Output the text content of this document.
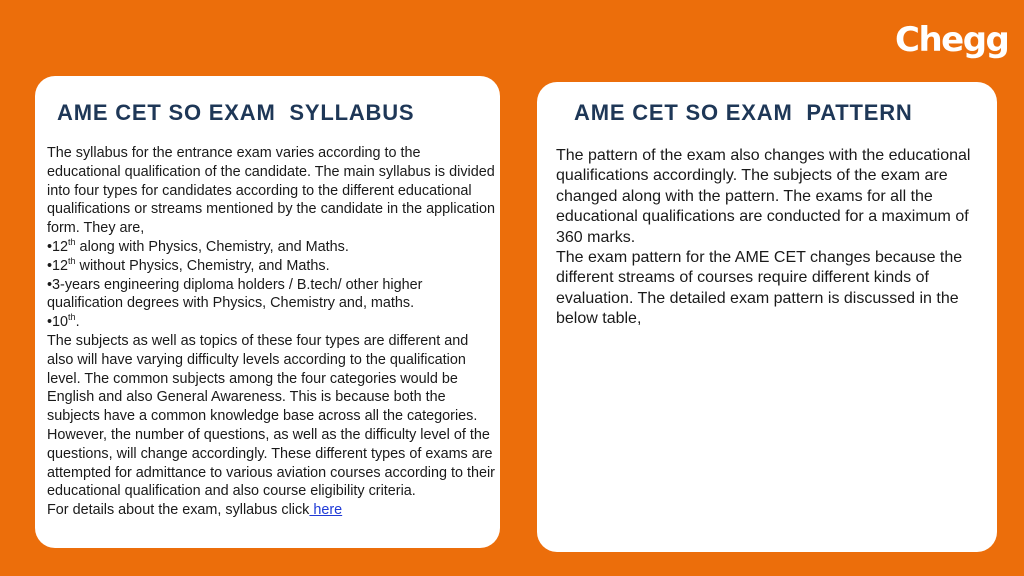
Chegg
AME CET SO EXAM  SYLLABUS

The syllabus for the entrance exam varies according to the educational qualification of the candidate. The main syllabus is divided into four types for candidates according to the different educational qualifications or streams mentioned by the candidate in the application form. They are,

•12th along with Physics, Chemistry, and Maths.

•12th without Physics, Chemistry, and Maths.

•3-years engineering diploma holders / B.tech/ other higher qualification degrees with Physics, Chemistry and, maths.

•10th.

The subjects as well as topics of these four types are different and also will have varying difficulty levels according to the qualification level. The common subjects among the four categories would be English and also General Awareness. This is because both the subjects have a common knowledge base across all the categories. However, the number of questions, as well as the difficulty level of the questions, will change accordingly. These different types of exams are attempted for admittance to various aviation courses according to their educational qualification and also course eligibility criteria.

For details about the exam, syllabus click here

AME CET SO EXAM  PATTERN

The pattern of the exam also changes with the educational qualifications accordingly. The subjects of the exam are changed along with the pattern. The exams for all the educational qualifications are conducted for a maximum of 360 marks.

The exam pattern for the AME CET changes because the different streams of courses require different kinds of evaluation. The detailed exam pattern is discussed in the below table,
